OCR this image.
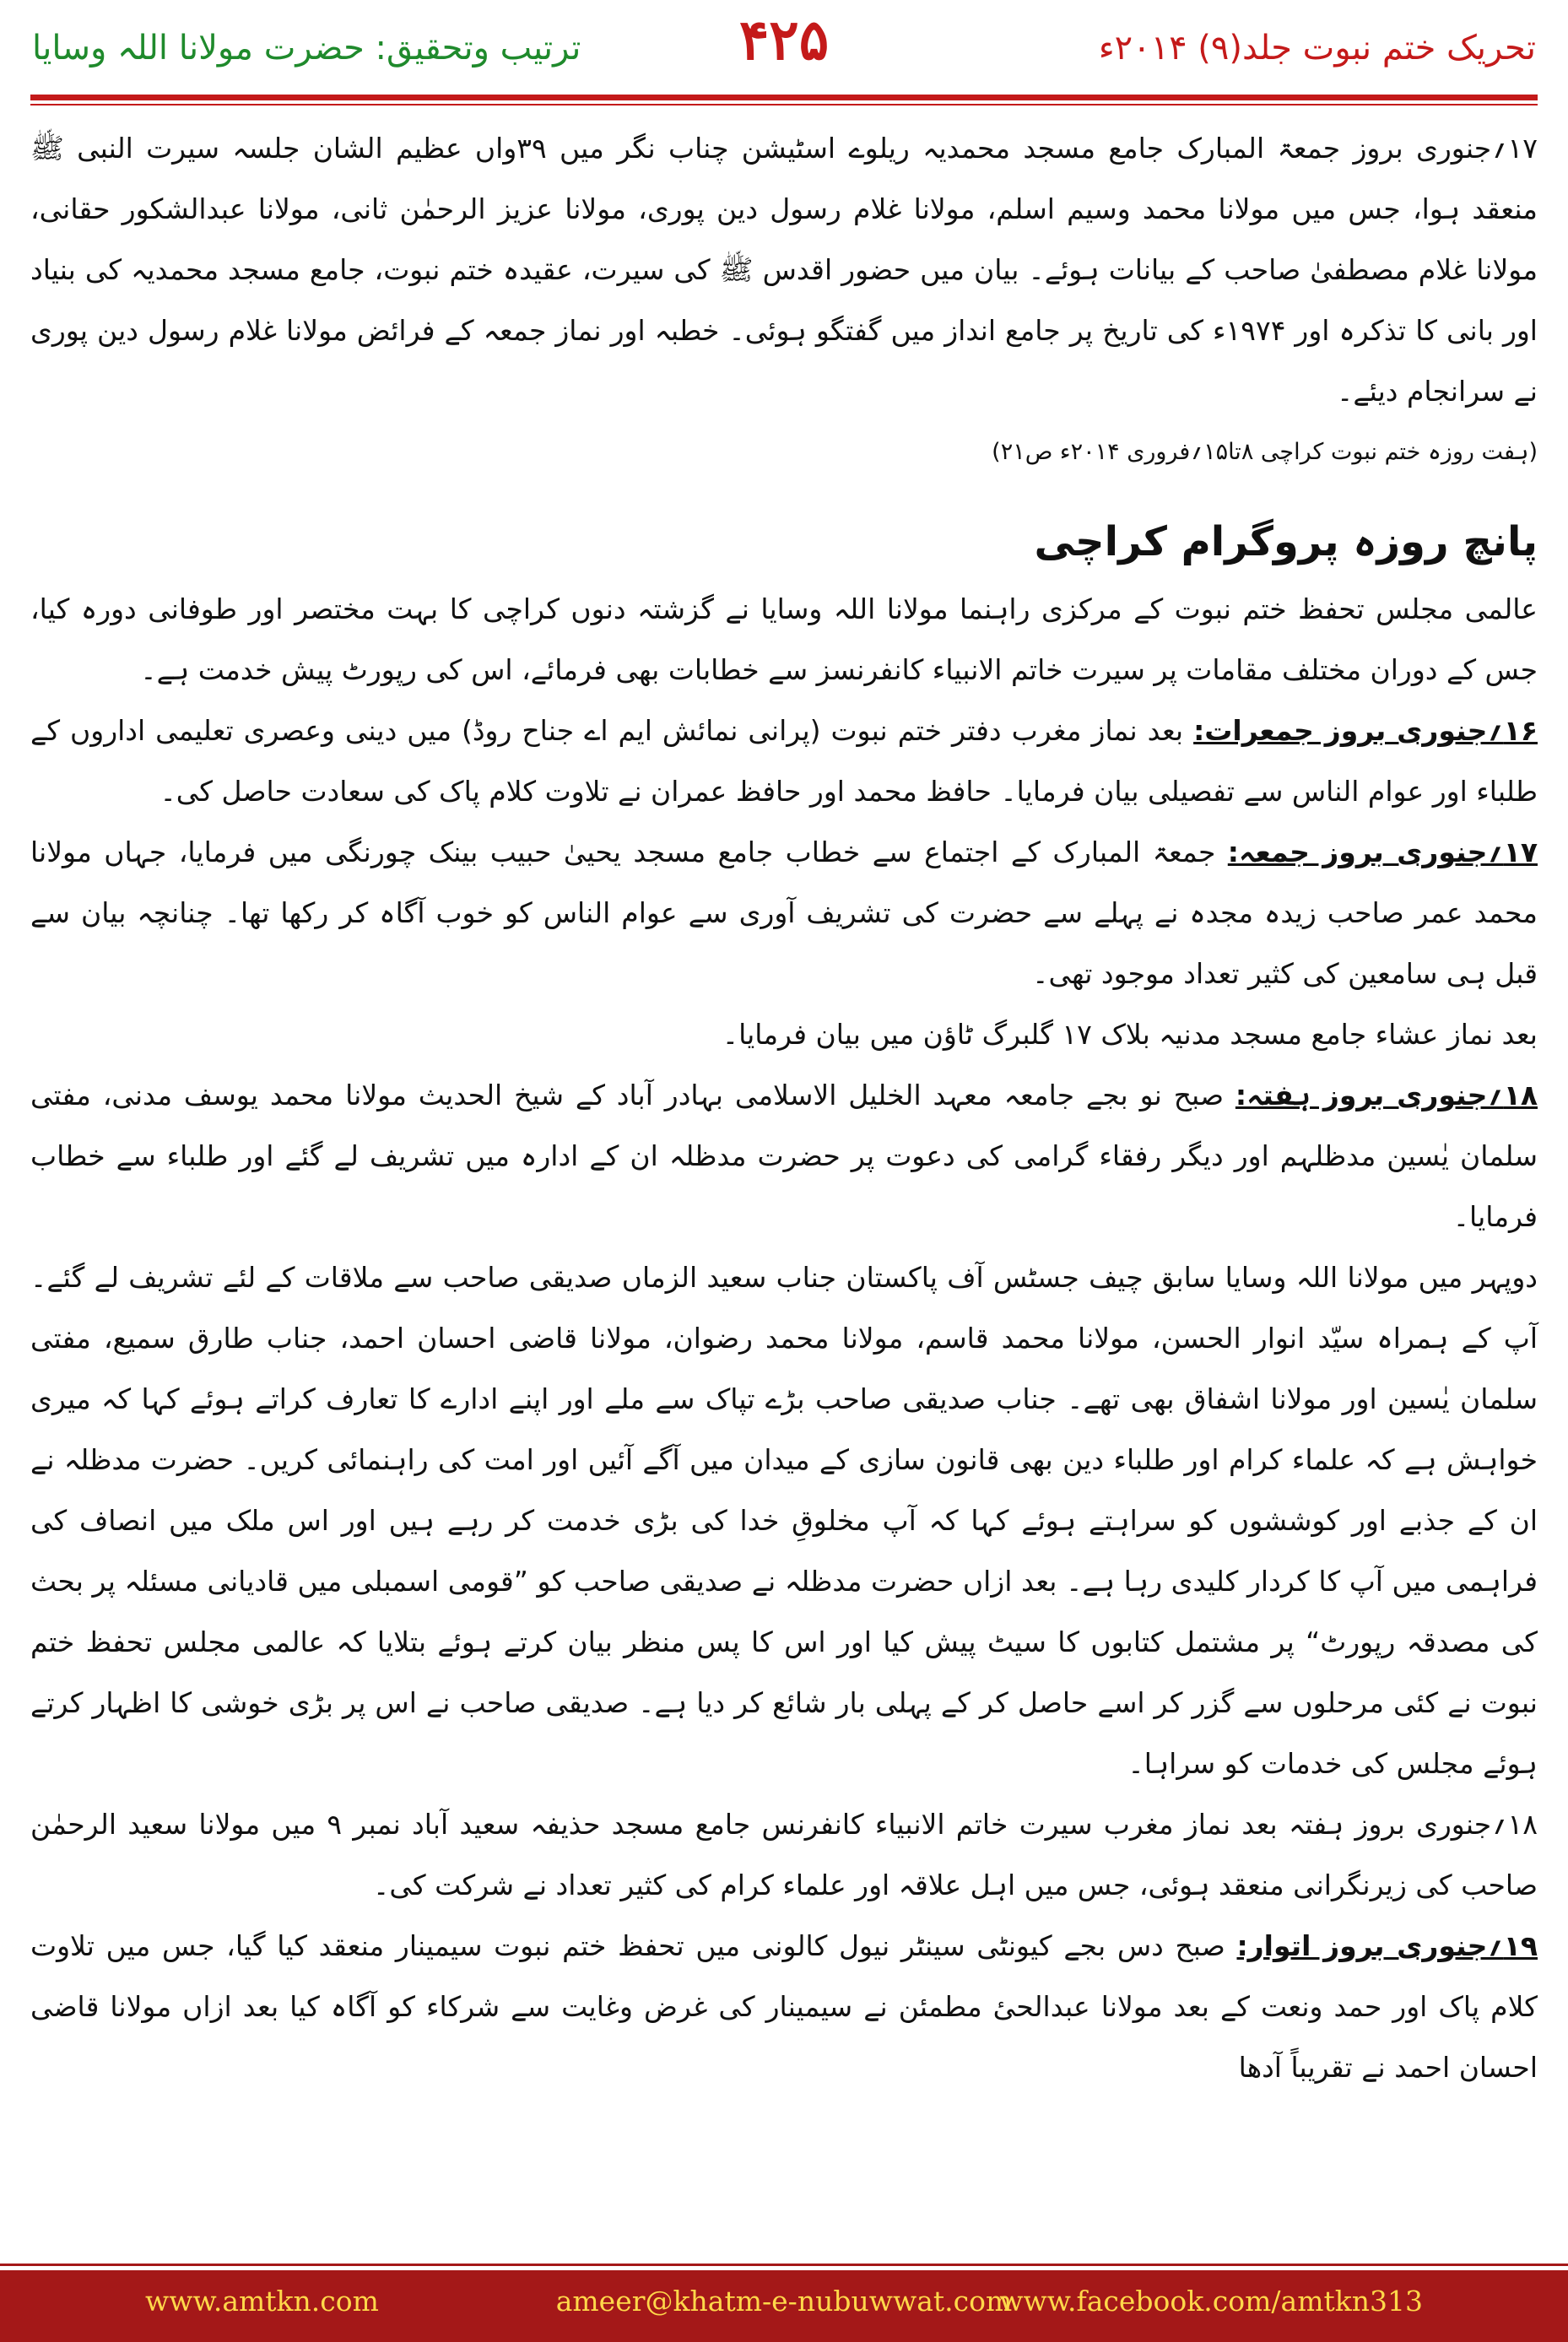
ترتیب وتحقیق: حضرت مولانا اللہ وسایا	۴۲۵	تحریک ختم نبوت جلد(۹) ۲۰۱۴ء

۱۷؍جنوری بروز جمعۃ المبارک جامع مسجد محمدیہ ریلوے اسٹیشن چناب نگر میں ۳۹واں عظیم الشان جلسہ سیرت النبی ﷺ منعقد ہوا، جس میں مولانا محمد وسیم اسلم، مولانا غلام رسول دین پوری، مولانا عزیز الرحمٰن ثانی، مولانا عبدالشکور حقانی، مولانا غلام مصطفیٰ صاحب کے بیانات ہوئے۔ بیان میں حضور اقدس ﷺ کی سیرت، عقیدہ ختم نبوت، جامع مسجد محمدیہ کی بنیاد اور بانی کا تذکرہ اور ۱۹۷۴ء کی تاریخ پر جامع انداز میں گفتگو ہوئی۔ خطبہ اور نماز جمعہ کے فرائض مولانا غلام رسول دین پوری نے سرانجام دیئے۔

(ہفت روزہ ختم نبوت کراچی ۸تا۱۵؍فروری ۲۰۱۴ء ص۲۱)

پانچ روزہ پروگرام کراچی

عالمی مجلس تحفظ ختم نبوت کے مرکزی راہنما مولانا اللہ وسایا نے گزشتہ دنوں کراچی کا بہت مختصر اور طوفانی دورہ کیا، جس کے دوران مختلف مقامات پر سیرت خاتم الانبیاء کانفرنسز سے خطابات بھی فرمائے، اس کی رپورٹ پیش خدمت ہے۔

۱۶؍جنوری بروز جمعرات: بعد نماز مغرب دفتر ختم نبوت (پرانی نمائش ایم اے جناح روڈ) میں دینی وعصری تعلیمی اداروں کے طلباء اور عوام الناس سے تفصیلی بیان فرمایا۔ حافظ محمد اور حافظ عمران نے تلاوت کلام پاک کی سعادت حاصل کی۔

۱۷؍جنوری بروز جمعہ: جمعۃ المبارک کے اجتماع سے خطاب جامع مسجد یحییٰ حبیب بینک چورنگی میں فرمایا، جہاں مولانا محمد عمر صاحب زیدہ مجدہ نے پہلے سے حضرت کی تشریف آوری سے عوام الناس کو خوب آگاہ کر رکھا تھا۔ چنانچہ بیان سے قبل ہی سامعین کی کثیر تعداد موجود تھی۔

بعد نماز عشاء جامع مسجد مدنیہ بلاک ۱۷ گلبرگ ٹاؤن میں بیان فرمایا۔

۱۸؍جنوری بروز ہفتہ: صبح نو بجے جامعہ معہد الخلیل الاسلامی بہادر آباد کے شیخ الحدیث مولانا محمد یوسف مدنی، مفتی سلمان یٰسین مدظلہم اور دیگر رفقاء گرامی کی دعوت پر حضرت مدظلہ ان کے ادارہ میں تشریف لے گئے اور طلباء سے خطاب فرمایا۔

دوپہر میں مولانا اللہ وسایا سابق چیف جسٹس آف پاکستان جناب سعید الزماں صدیقی صاحب سے ملاقات کے لئے تشریف لے گئے۔ آپ کے ہمراہ سیّد انوار الحسن، مولانا محمد قاسم، مولانا محمد رضوان، مولانا قاضی احسان احمد، جناب طارق سمیع، مفتی سلمان یٰسین اور مولانا اشفاق بھی تھے۔ جناب صدیقی صاحب بڑے تپاک سے ملے اور اپنے ادارے کا تعارف کراتے ہوئے کہا کہ میری خواہش ہے کہ علماء کرام اور طلباء دین بھی قانون سازی کے میدان میں آگے آئیں اور امت کی راہنمائی کریں۔ حضرت مدظلہ نے ان کے جذبے اور کوششوں کو سراہتے ہوئے کہا کہ آپ مخلوقِ خدا کی بڑی خدمت کر رہے ہیں اور اس ملک میں انصاف کی فراہمی میں آپ کا کردار کلیدی رہا ہے۔ بعد ازاں حضرت مدظلہ نے صدیقی صاحب کو ”قومی اسمبلی میں قادیانی مسئلہ پر بحث کی مصدقہ رپورٹ“ پر مشتمل کتابوں کا سیٹ پیش کیا اور اس کا پس منظر بیان کرتے ہوئے بتلایا کہ عالمی مجلس تحفظ ختم نبوت نے کئی مرحلوں سے گزر کر اسے حاصل کر کے پہلی بار شائع کر دیا ہے۔ صدیقی صاحب نے اس پر بڑی خوشی کا اظہار کرتے ہوئے مجلس کی خدمات کو سراہا۔

۱۸؍جنوری بروز ہفتہ بعد نماز مغرب سیرت خاتم الانبیاء کانفرنس جامع مسجد حذیفہ سعید آباد نمبر ۹ میں مولانا سعید الرحمٰن صاحب کی زیرنگرانی منعقد ہوئی، جس میں اہل علاقہ اور علماء کرام کی کثیر تعداد نے شرکت کی۔

۱۹؍جنوری بروز اتوار: صبح دس بجے کیونٹی سینٹر نیول کالونی میں تحفظ ختم نبوت سیمینار منعقد کیا گیا، جس میں تلاوت کلام پاک اور حمد ونعت کے بعد مولانا عبدالحیٔ مطمئن نے سیمینار کی غرض وغایت سے شرکاء کو آگاہ کیا بعد ازاں مولانا قاضی احسان احمد نے تقریباً آدھا

www.amtkn.com	ameer@khatm-e-nubuwwat.com
www.facebook.com/amtkn313
